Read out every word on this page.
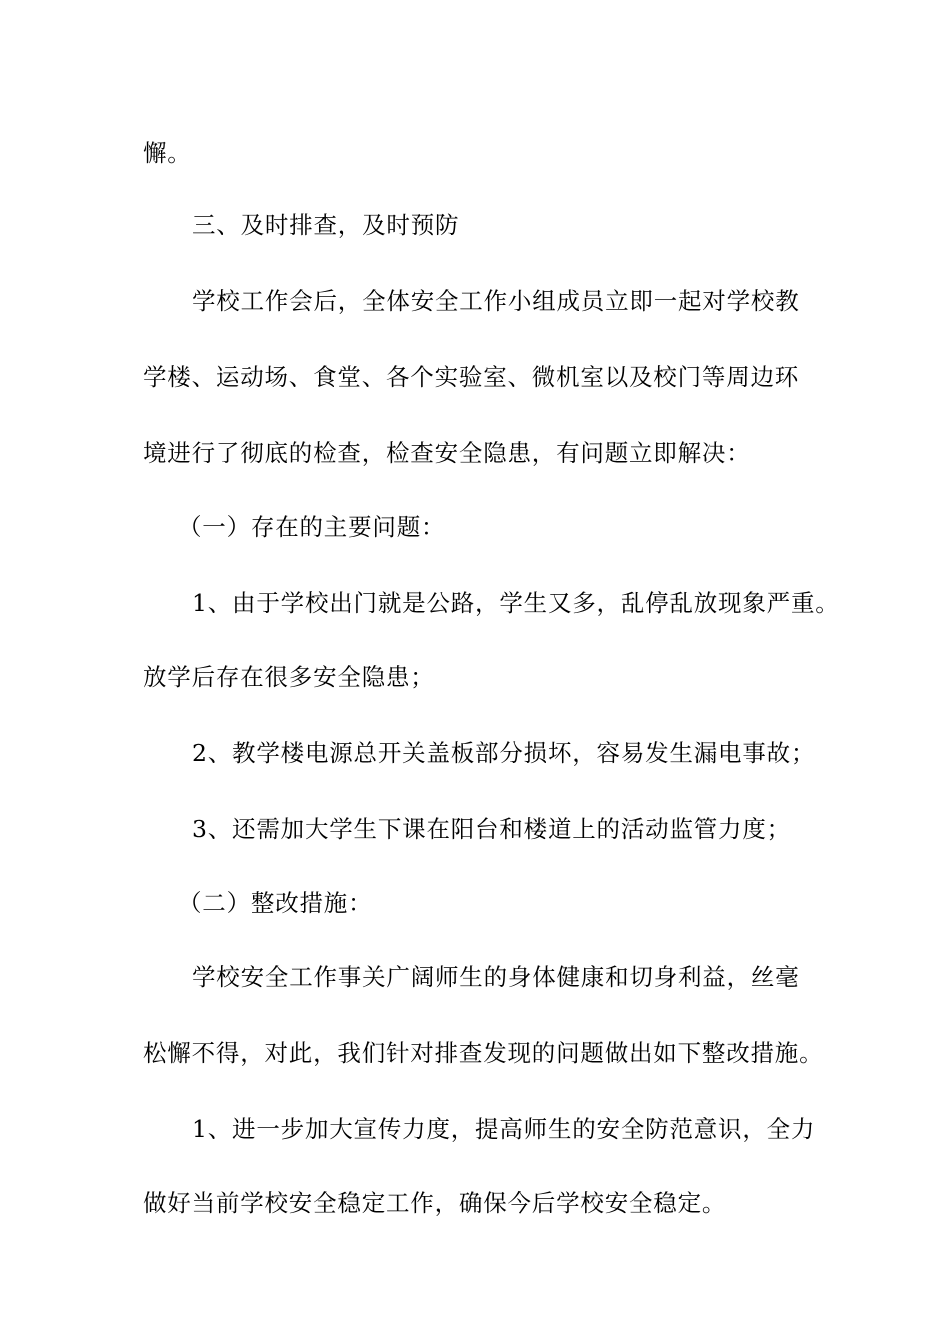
懈。
三、及时排查，及时预防
学校工作会后，全体安全工作小组成员立即一起对学校教
学楼、运动场、食堂、各个实验室、微机室以及校门等周边环
境进行了彻底的检查，检查安全隐患，有问题立即解决：
（一）存在的主要问题：
1、由于学校出门就是公路，学生又多，乱停乱放现象严重。
放学后存在很多安全隐患；
2、教学楼电源总开关盖板部分损坏，容易发生漏电事故；
3、还需加大学生下课在阳台和楼道上的活动监管力度；
（二）整改措施：
学校安全工作事关广阔师生的身体健康和切身利益，丝毫
松懈不得，对此，我们针对排查发现的问题做出如下整改措施。
1、进一步加大宣传力度，提高师生的安全防范意识，全力
做好当前学校安全稳定工作，确保今后学校安全稳定。
